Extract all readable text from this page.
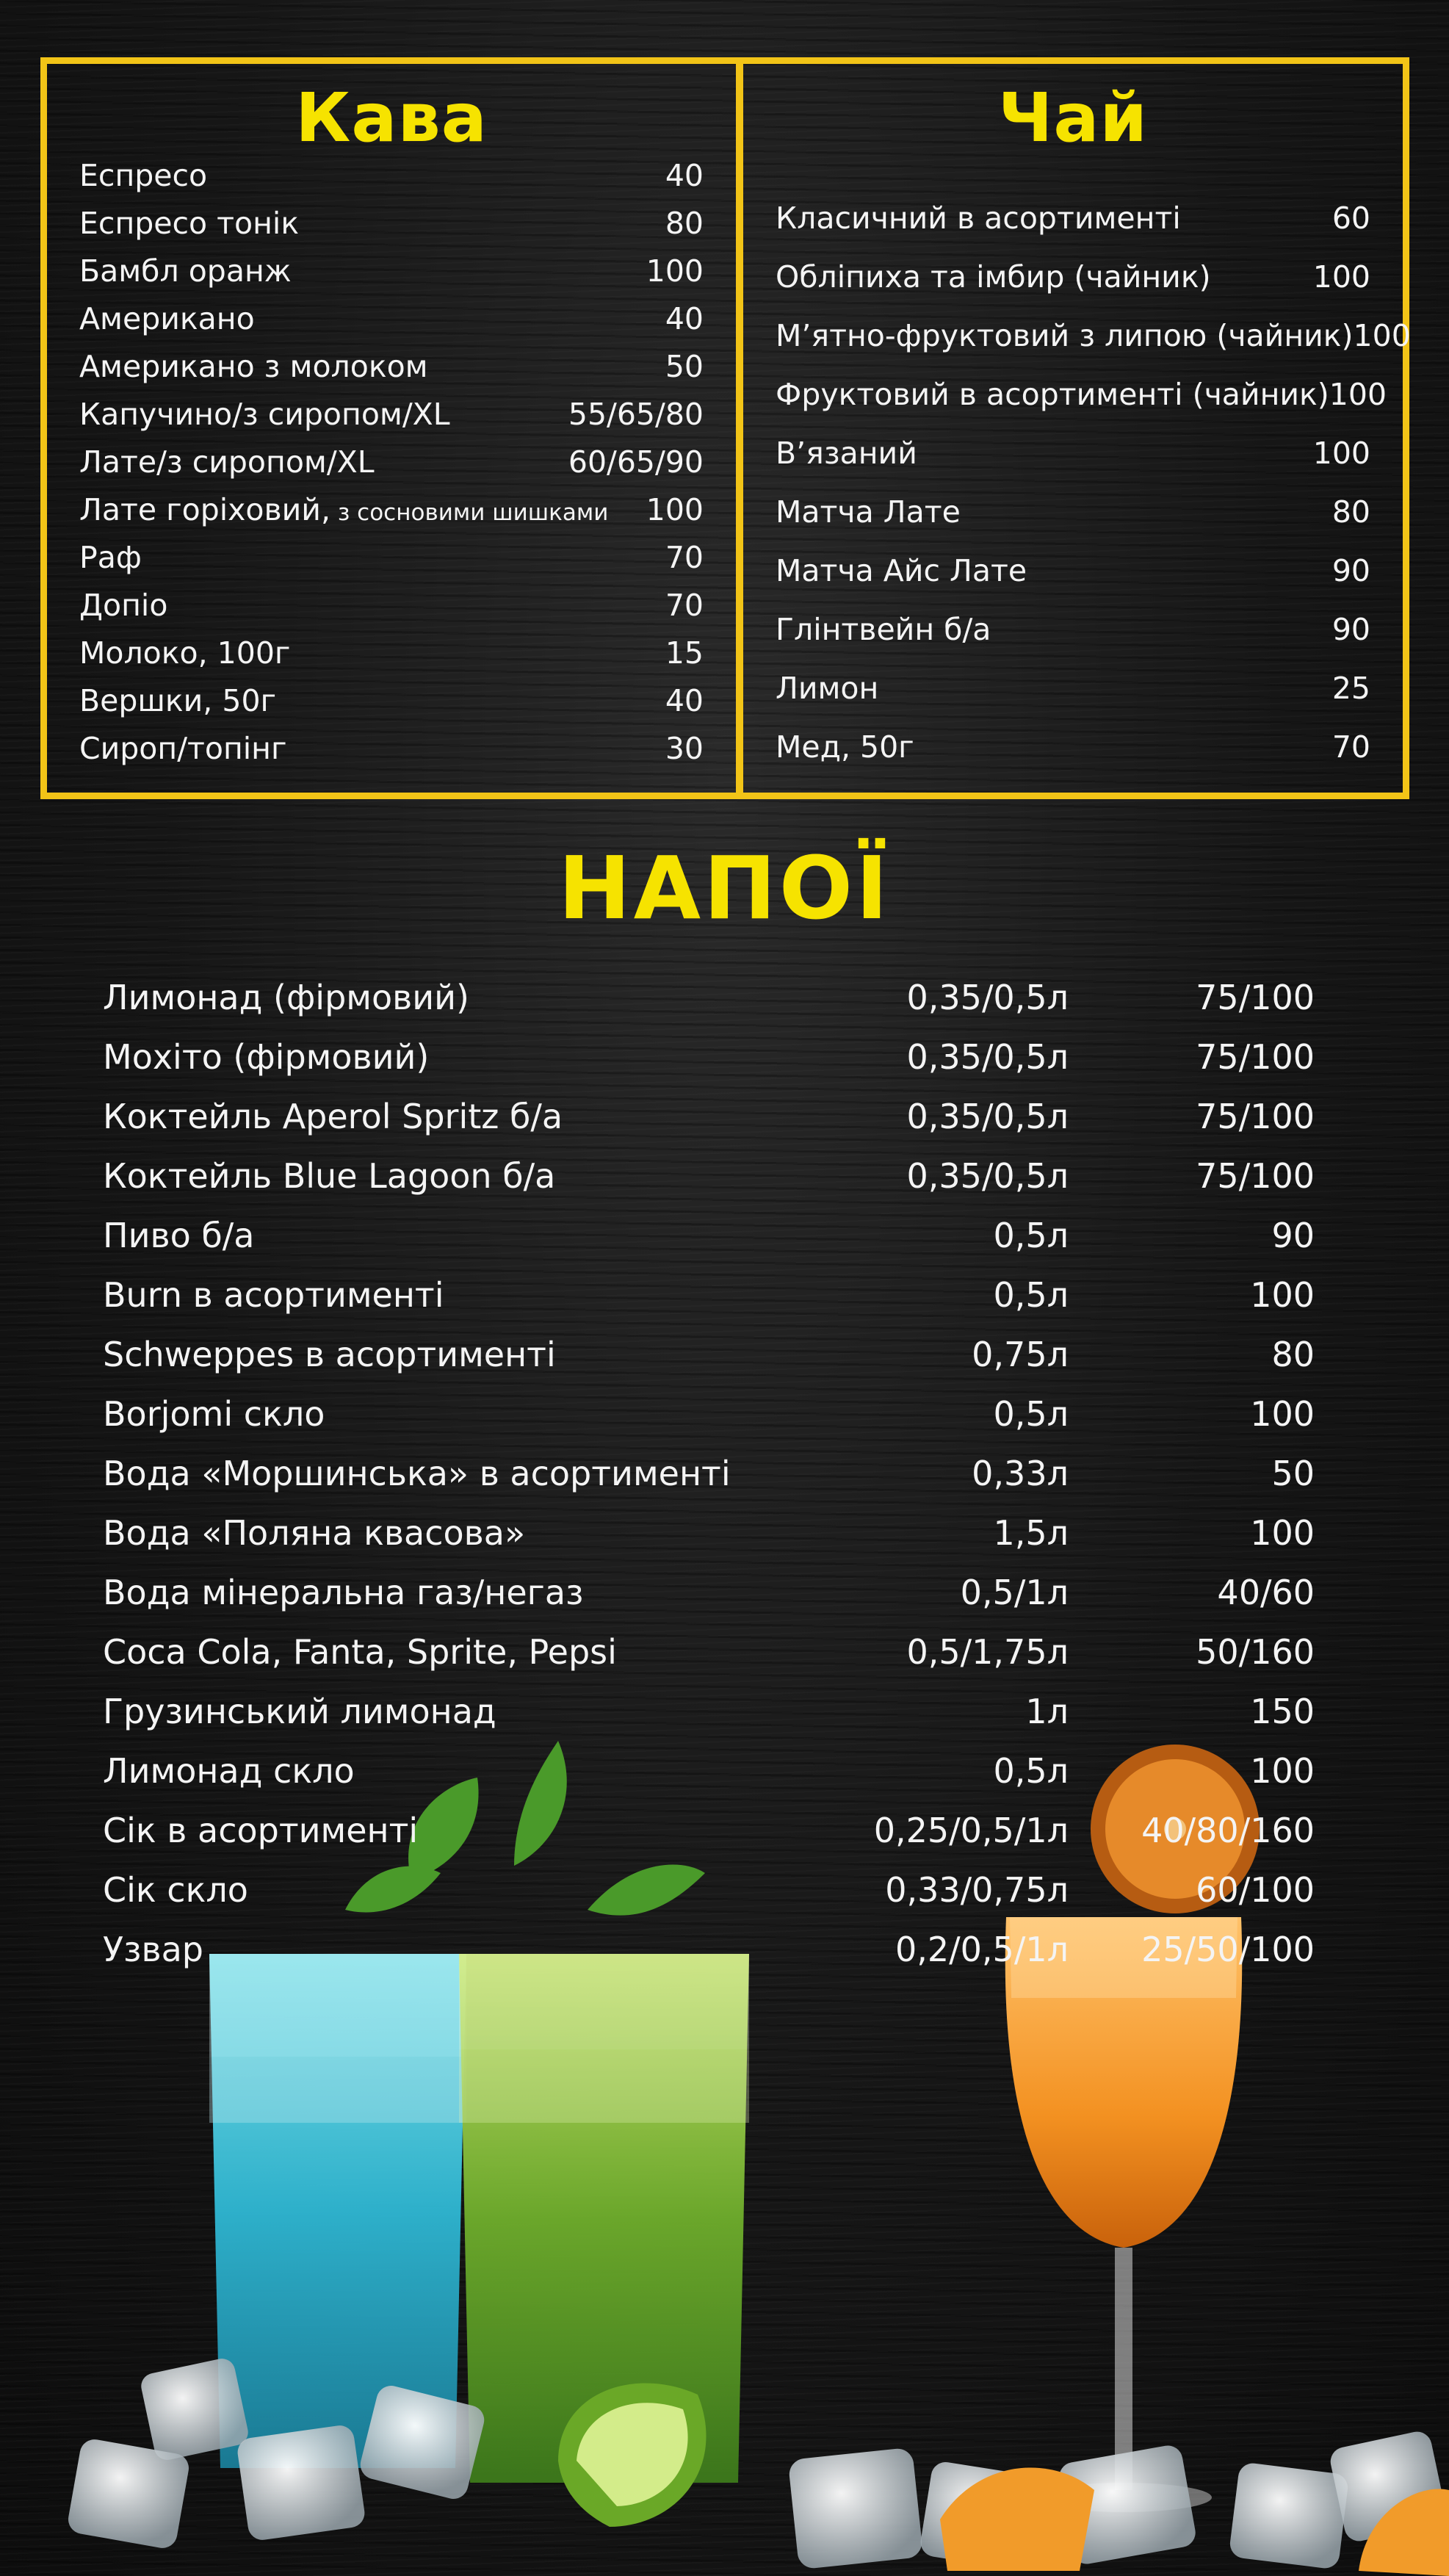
Кава
Еспресо	40
Еспресо тонік	80
Бамбл оранж	100
Американо	40
Американо з молоком	50
Капучино/з сиропом/XL	55/65/80
Лате/з сиропом/XL	60/65/90
Лате горіховий, з сосновими шишками 100
Раф	70
Допіо	70
Молоко, 100г	15
Вершки, 50г	40
Сироп/топінг	30
Чай
Класичний в асортименті	60
Обліпиха та імбир (чайник)	100
М’ятно-фруктовий з липою (чайник) 100
Фруктовий в асортименті (чайник) 100
В’язаний	100
Матча Лате	80
Матча Айс Лате	90
Глінтвейн б/а	90
Лимон	25
Мед, 50г	70
НАПОЇ
Лимонад (фірмовий)	0,35/0,5л	75/100
Мохіто (фірмовий)	0,35/0,5л	75/100
Коктейль Aperol Spritz б/а	0,35/0,5л	75/100
Коктейль Blue Lagoon б/а	0,35/0,5л	75/100
Пиво б/а	0,5л	90
Burn в асортименті	0,5л	100
Schweppes в асортименті	0,75л	80
Borjomi скло	0,5л	100
Вода «Моршинська» в асортименті	0,33л	50
Вода «Поляна квасова»	1,5л	100
Вода мінеральна газ/негаз	0,5/1л	40/60
Coca Cola, Fanta, Sprite, Pepsi	0,5/1,75л	50/160
Грузинський лимонад	1л	150
Лимонад скло	0,5л	100
Сік в асортименті	0,25/0,5/1л 40/80/160
Сік скло	0,33/0,75л	60/100
Узвар	0,2/0,5/1л 25/50/100
